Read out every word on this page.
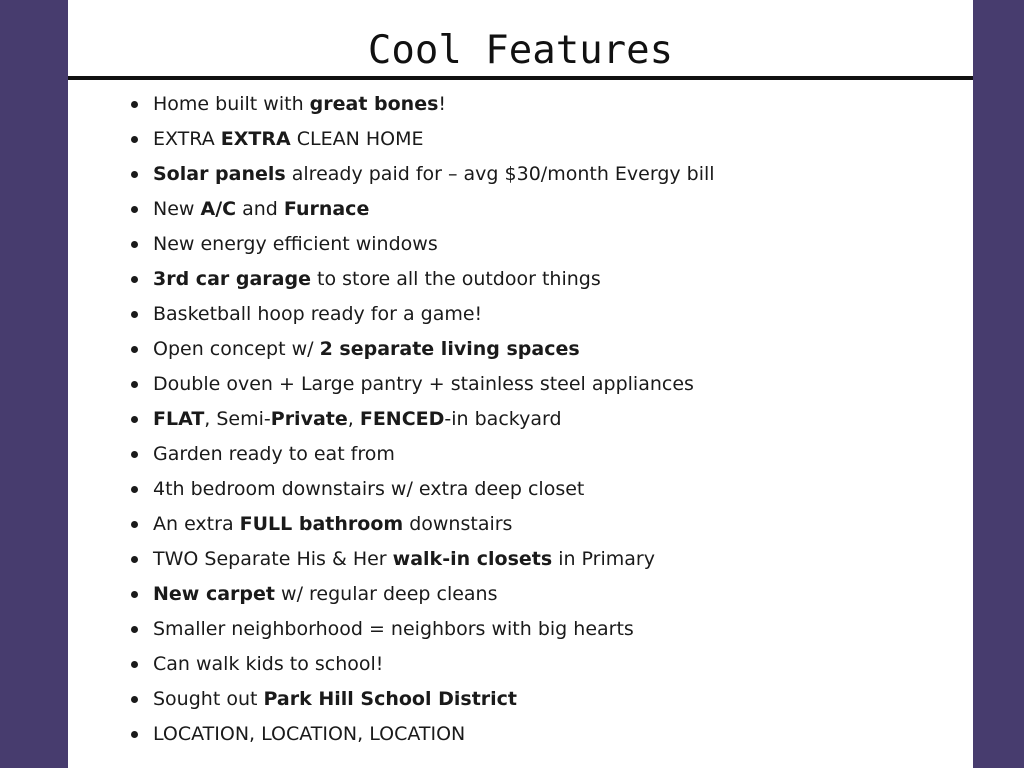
Cool Features
Home built with great bones!
EXTRA EXTRA CLEAN HOME
Solar panels already paid for – avg $30/month Evergy bill
New A/C and Furnace
New energy efficient windows
3rd car garage to store all the outdoor things
Basketball hoop ready for a game!
Open concept w/ 2 separate living spaces
Double oven + Large pantry + stainless steel appliances
FLAT, Semi-Private, FENCED-in backyard
Garden ready to eat from
4th bedroom downstairs w/ extra deep closet
An extra FULL bathroom downstairs
TWO Separate His & Her walk-in closets in Primary
New carpet w/ regular deep cleans
Smaller neighborhood = neighbors with big hearts
Can walk kids to school!
Sought out Park Hill School District
LOCATION, LOCATION, LOCATION
